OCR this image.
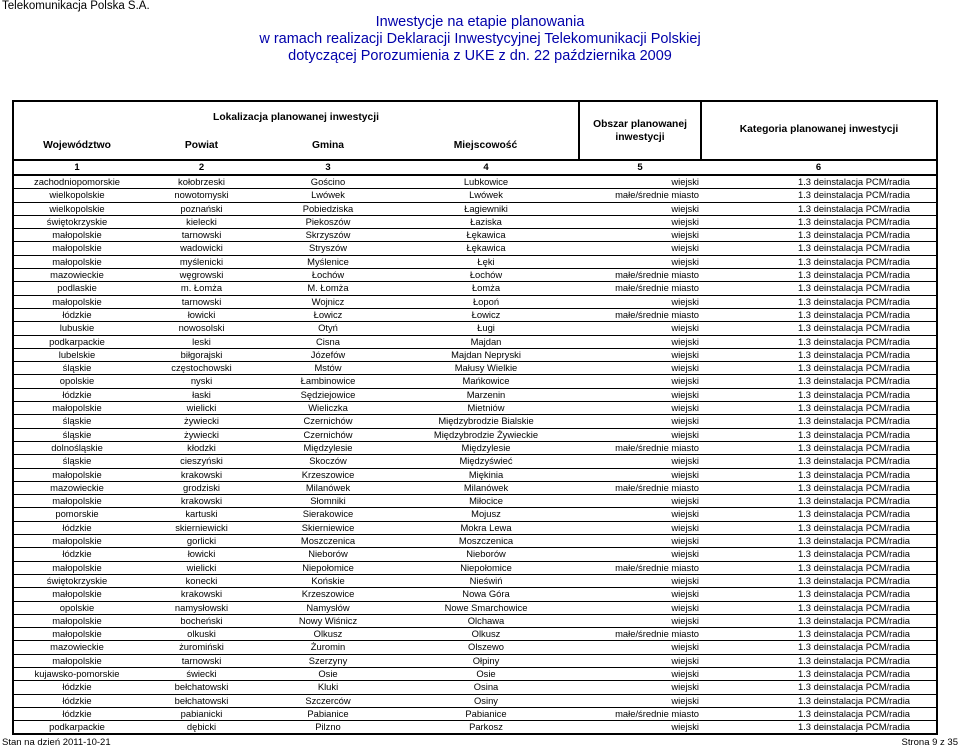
Telekomunikacja Polska S.A.
Inwestycje na etapie planowania
w ramach realizacji Deklaracji Inwestycyjnej Telekomunikacji Polskiej
dotyczącej Porozumienia z UKE z dn. 22 października 2009
Lokalizacja planowanej inwestycji				Obszar planowanej inwestycji	Kategoria planowanej inwestycji
Województwo	Powiat	Gmina	Miejscowość		
1	2	3	4	5	6
zachodniopomorskie	kołobrzeski	Gościno	Lubkowice	wiejski	1.3 deinstalacja PCM/radia
wielkopolskie	nowotomyski	Lwówek	Lwówek	małe/średnie miasto	1.3 deinstalacja PCM/radia
wielkopolskie	poznański	Pobiedziska	Łagiewniki	wiejski	1.3 deinstalacja PCM/radia
świętokrzyskie	kielecki	Piekoszów	Łaziska	wiejski	1.3 deinstalacja PCM/radia
małopolskie	tarnowski	Skrzyszów	Łękawica	wiejski	1.3 deinstalacja PCM/radia
małopolskie	wadowicki	Stryszów	Łękawica	wiejski	1.3 deinstalacja PCM/radia
małopolskie	myślenicki	Myślenice	Łęki	wiejski	1.3 deinstalacja PCM/radia
mazowieckie	węgrowski	Łochów	Łochów	małe/średnie miasto	1.3 deinstalacja PCM/radia
podlaskie	m. Łomża	M. Łomża	Łomża	małe/średnie miasto	1.3 deinstalacja PCM/radia
małopolskie	tarnowski	Wojnicz	Łopoń	wiejski	1.3 deinstalacja PCM/radia
łódzkie	łowicki	Łowicz	Łowicz	małe/średnie miasto	1.3 deinstalacja PCM/radia
lubuskie	nowosolski	Otyń	Ługi	wiejski	1.3 deinstalacja PCM/radia
podkarpackie	leski	Cisna	Majdan	wiejski	1.3 deinstalacja PCM/radia
lubelskie	biłgorajski	Józefów	Majdan Nepryski	wiejski	1.3 deinstalacja PCM/radia
śląskie	częstochowski	Mstów	Małusy Wielkie	wiejski	1.3 deinstalacja PCM/radia
opolskie	nyski	Łambinowice	Mańkowice	wiejski	1.3 deinstalacja PCM/radia
łódzkie	łaski	Sędziejowice	Marzenin	wiejski	1.3 deinstalacja PCM/radia
małopolskie	wielicki	Wieliczka	Mietniów	wiejski	1.3 deinstalacja PCM/radia
śląskie	żywiecki	Czernichów	Międzybrodzie Bialskie	wiejski	1.3 deinstalacja PCM/radia
śląskie	żywiecki	Czernichów	Międzybrodzie Żywieckie	wiejski	1.3 deinstalacja PCM/radia
dolnośląskie	kłodzki	Międzylesie	Międzylesie	małe/średnie miasto	1.3 deinstalacja PCM/radia
śląskie	cieszyński	Skoczów	Międzyświeć	wiejski	1.3 deinstalacja PCM/radia
małopolskie	krakowski	Krzeszowice	Miękinia	wiejski	1.3 deinstalacja PCM/radia
mazowieckie	grodziski	Milanówek	Milanówek	małe/średnie miasto	1.3 deinstalacja PCM/radia
małopolskie	krakowski	Słomniki	Miłocice	wiejski	1.3 deinstalacja PCM/radia
pomorskie	kartuski	Sierakowice	Mojusz	wiejski	1.3 deinstalacja PCM/radia
łódzkie	skierniewicki	Skierniewice	Mokra Lewa	wiejski	1.3 deinstalacja PCM/radia
małopolskie	gorlicki	Moszczenica	Moszczenica	wiejski	1.3 deinstalacja PCM/radia
łódzkie	łowicki	Nieborów	Nieborów	wiejski	1.3 deinstalacja PCM/radia
małopolskie	wielicki	Niepołomice	Niepołomice	małe/średnie miasto	1.3 deinstalacja PCM/radia
świętokrzyskie	konecki	Końskie	Nieświń	wiejski	1.3 deinstalacja PCM/radia
małopolskie	krakowski	Krzeszowice	Nowa Góra	wiejski	1.3 deinstalacja PCM/radia
opolskie	namysłowski	Namysłów	Nowe Smarchowice	wiejski	1.3 deinstalacja PCM/radia
małopolskie	bocheński	Nowy Wiśnicz	Olchawa	wiejski	1.3 deinstalacja PCM/radia
małopolskie	olkuski	Olkusz	Olkusz	małe/średnie miasto	1.3 deinstalacja PCM/radia
mazowieckie	żuromiński	Żuromin	Olszewo	wiejski	1.3 deinstalacja PCM/radia
małopolskie	tarnowski	Szerzyny	Ołpiny	wiejski	1.3 deinstalacja PCM/radia
kujawsko-pomorskie	świecki	Osie	Osie	wiejski	1.3 deinstalacja PCM/radia
łódzkie	bełchatowski	Kluki	Osina	wiejski	1.3 deinstalacja PCM/radia
łódzkie	bełchatowski	Szczerców	Osiny	wiejski	1.3 deinstalacja PCM/radia
łódzkie	pabianicki	Pabianice	Pabianice	małe/średnie miasto	1.3 deinstalacja PCM/radia
podkarpackie	dębicki	Pilzno	Parkosz	wiejski	1.3 deinstalacja PCM/radia
Stan na dzień 2011-10-21	Strona 9 z 35
